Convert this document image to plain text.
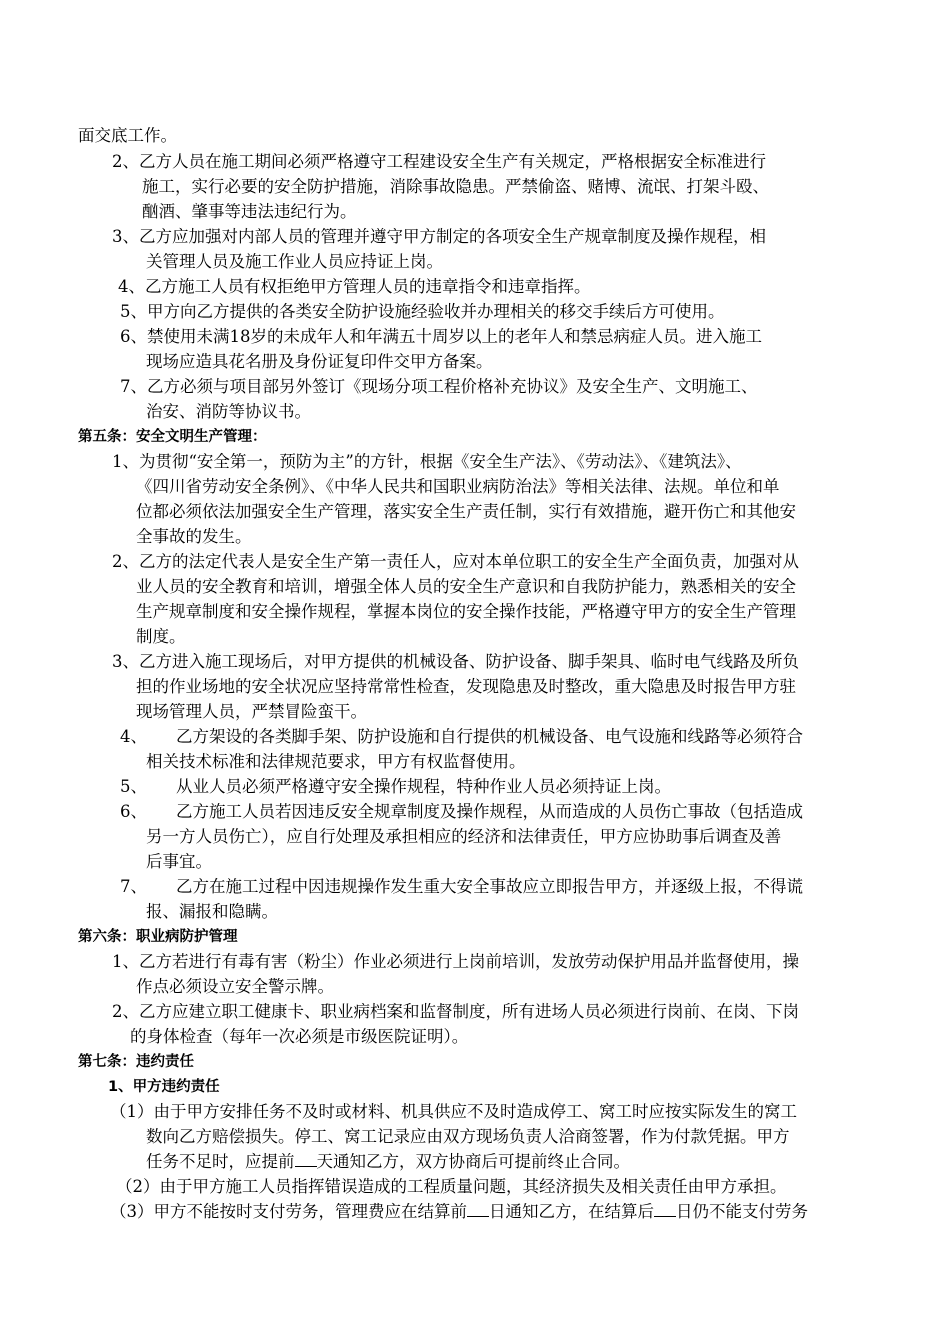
面交底工作。
2、乙方人员在施工期间必须严格遵守工程建设安全生产有关规定，严格根据安全标准进行
施工，实行必要的安全防护措施，消除事故隐患。严禁偷盗、赌博、流氓、打架斗殴、
酗酒、肇事等违法违纪行为。
3、乙方应加强对内部人员的管理并遵守甲方制定的各项安全生产规章制度及操作规程，相
关管理人员及施工作业人员应持证上岗。
4、乙方施工人员有权拒绝甲方管理人员的违章指令和违章指挥。
5、甲方向乙方提供的各类安全防护设施经验收并办理相关的移交手续后方可使用。
6、禁使用未满18岁的未成年人和年满五十周岁以上的老年人和禁忌病症人员。进入施工
现场应造具花名册及身份证复印件交甲方备案。
7、乙方必须与项目部另外签订《现场分项工程价格补充协议》及安全生产、文明施工、
治安、消防等协议书。
第五条：安全文明生产管理：
1、为贯彻“安全第一，预防为主”的方针，根据《安全生产法》、《劳动法》、《建筑法》、
《四川省劳动安全条例》、《中华人民共和国职业病防治法》等相关法律、法规。单位和单
位都必须依法加强安全生产管理，落实安全生产责任制，实行有效措施，避开伤亡和其他安
全事故的发生。
2、乙方的法定代表人是安全生产第一责任人，应对本单位职工的安全生产全面负责，加强对从
业人员的安全教育和培训，增强全体人员的安全生产意识和自我防护能力，熟悉相关的安全
生产规章制度和安全操作规程，掌握本岗位的安全操作技能，严格遵守甲方的安全生产管理
制度。
3、乙方进入施工现场后，对甲方提供的机械设备、防护设备、脚手架具、临时电气线路及所负
担的作业场地的安全状况应坚持常常性检查，发现隐患及时整改，重大隐患及时报告甲方驻
现场管理人员，严禁冒险蛮干。
4、 乙方架设的各类脚手架、防护设施和自行提供的机械设备、电气设施和线路等必须符合
相关技术标准和法律规范要求，甲方有权监督使用。
5、 从业人员必须严格遵守安全操作规程，特种作业人员必须持证上岗。
6、 乙方施工人员若因违反安全规章制度及操作规程，从而造成的人员伤亡事故（包括造成
另一方人员伤亡），应自行处理及承担相应的经济和法律责任，甲方应协助事后调查及善
后事宜。
7、 乙方在施工过程中因违规操作发生重大安全事故应立即报告甲方，并逐级上报，不得谎
报、漏报和隐瞒。
第六条：职业病防护管理
1、乙方若进行有毒有害（粉尘）作业必须进行上岗前培训，发放劳动保护用品并监督使用，操
作点必须设立安全警示牌。
2、乙方应建立职工健康卡、职业病档案和监督制度，所有进场人员必须进行岗前、在岗、下岗
的身体检查（每年一次必须是市级医院证明）。
第七条：违约责任
1、甲方违约责任
（1）由于甲方安排任务不及时或材料、机具供应不及时造成停工、窝工时应按实际发生的窝工
数向乙方赔偿损失。停工、窝工记录应由双方现场负责人洽商签署，作为付款凭据。甲方
任务不足时，应提前 天通知乙方，双方协商后可提前终止合同。
（2）由于甲方施工人员指挥错误造成的工程质量问题，其经济损失及相关责任由甲方承担。
（3）甲方不能按时支付劳务，管理费应在结算前 日通知乙方，在结算后 日仍不能支付劳务
